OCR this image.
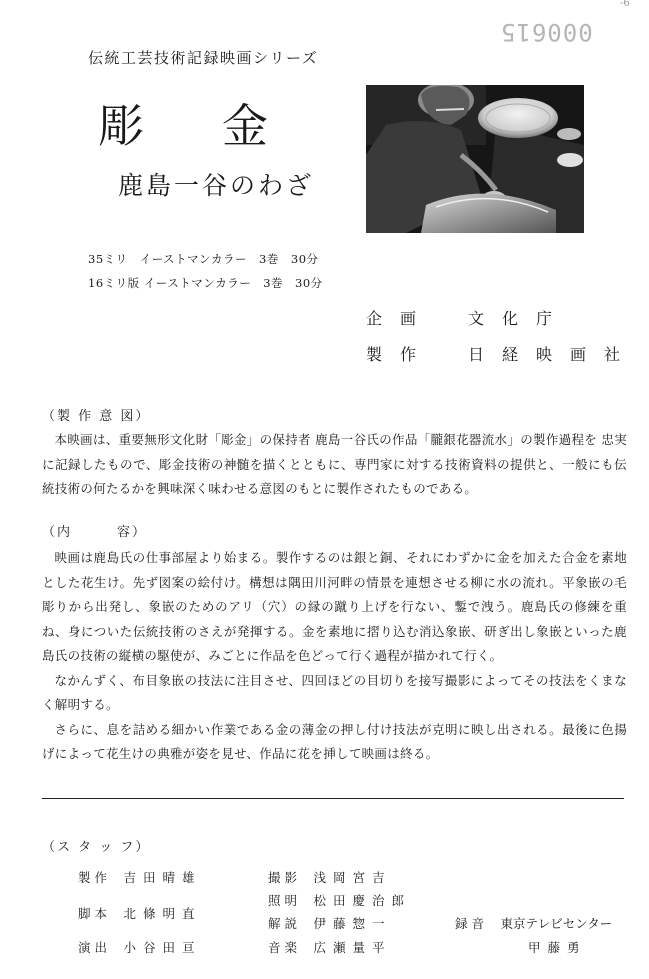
000615
-6
伝統工芸技術記録映画シリーズ
彫金
鹿島一谷のわざ
35ミリ　イーストマンカラー　3巻　30分
16ミリ版 イーストマンカラー　3巻　30分
企画　 文化庁
製作　 日経映画社
（製 作 意 図）

本映画は、重要無形文化財「彫金」の保持者 鹿島一谷氏の作品「朧銀花器流水」の製作過程を 忠実に記録したもので、彫金技術の神髄を描くとともに、専門家に対する技術資料の提供と、一般にも伝統技術の何たるかを興味深く味わせる意図のもとに製作されたものである。

（内　　　容）

映画は鹿島氏の仕事部屋より始まる。製作するのは銀と銅、それにわずかに金を加えた合金を素地とした花生け。先ず図案の絵付け。構想は隅田川河畔の情景を連想させる柳に水の流れ。平象嵌の毛彫りから出発し、象嵌のためのアリ（穴）の縁の蹴り上げを行ない、鏨で洩う。鹿島氏の修練を重ね、身についた伝統技術のさえが発揮する。金を素地に摺り込む消込象嵌、研ぎ出し象嵌といった鹿島氏の技術の縦横の駆使が、みごとに作品を色どって行く過程が描かれて行く。

なかんずく、布目象嵌の技法に注目させ、四回ほどの目切りを接写撮影によってその技法をくまなく解明する。

さらに、息を詰める細かい作業である金の薄金の押し付け技法が克明に映し出される。最後に色揚げによって花生けの典雅が姿を見せ、作品に花を挿して映画は終る。

（ス タ ッ フ）
製作　 吉田晴雄
脚本　 北條明直
演出　 小谷田亘
撮影　 浅岡宮吉
照明　 松田慶治郎
解説　 伊藤惣一
音楽　 広瀬量平
録音　 東京テレビセンター
甲藤勇
